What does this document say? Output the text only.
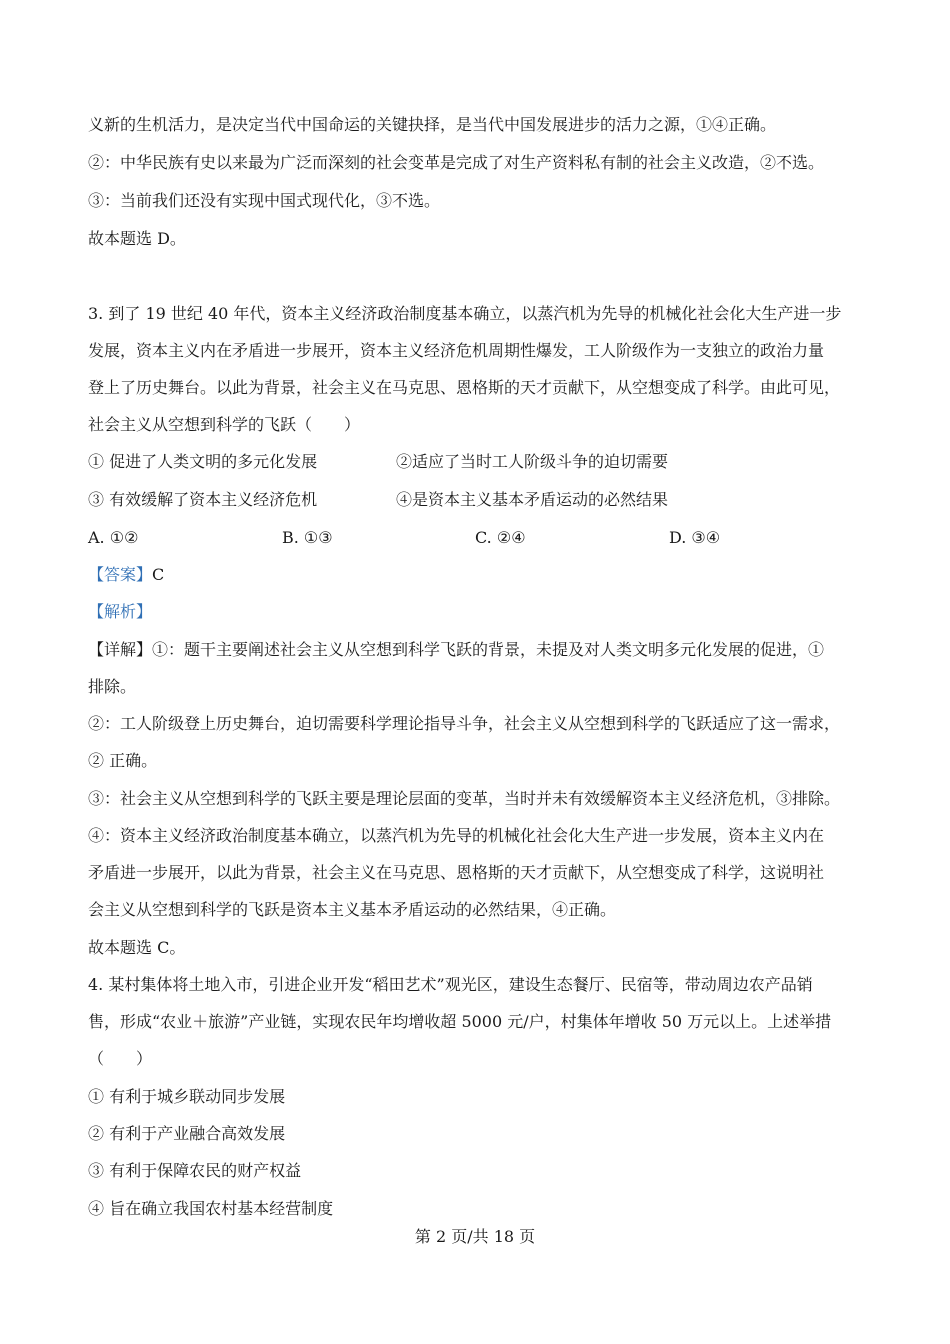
义新的生机活力，是决定当代中国命运的关键抉择，是当代中国发展进步的活力之源，①④正确。
②：中华民族有史以来最为广泛而深刻的社会变革是完成了对生产资料私有制的社会主义改造，②不选。
③：当前我们还没有实现中国式现代化，③不选。
故本题选 D。
3. 到了 19 世纪 40 年代，资本主义经济政治制度基本确立，以蒸汽机为先导的机械化社会化大生产进一步
发展，资本主义内在矛盾进一步展开，资本主义经济危机周期性爆发，工人阶级作为一支独立的政治力量
登上了历史舞台。以此为背景，社会主义在马克思、恩格斯的天才贡献下，从空想变成了科学。由此可见，
社会主义从空想到科学的飞跃（　　）
① 促进了人类文明的多元化发展	②适应了当时工人阶级斗争的迫切需要
③ 有效缓解了资本主义经济危机	④是资本主义基本矛盾运动的必然结果
A. ①②	B. ①③	C. ②④	D. ③④
【答案】C
【解析】
【详解】①：题干主要阐述社会主义从空想到科学飞跃的背景，未提及对人类文明多元化发展的促进，①
排除。
②：工人阶级登上历史舞台，迫切需要科学理论指导斗争，社会主义从空想到科学的飞跃适应了这一需求，
② 正确。
③：社会主义从空想到科学的飞跃主要是理论层面的变革，当时并未有效缓解资本主义经济危机，③排除。
④：资本主义经济政治制度基本确立，以蒸汽机为先导的机械化社会化大生产进一步发展，资本主义内在
矛盾进一步展开，以此为背景，社会主义在马克思、恩格斯的天才贡献下，从空想变成了科学，这说明社
会主义从空想到科学的飞跃是资本主义基本矛盾运动的必然结果，④正确。
故本题选 C。
4. 某村集体将土地入市，引进企业开发“稻田艺术”观光区，建设生态餐厅、民宿等，带动周边农产品销
售，形成“农业＋旅游”产业链，实现农民年均增收超 5000 元/户，村集体年增收 50 万元以上。上述举措
（　　）
① 有利于城乡联动同步发展
② 有利于产业融合高效发展
③ 有利于保障农民的财产权益
④ 旨在确立我国农村基本经营制度
第 2 页/共 18 页
